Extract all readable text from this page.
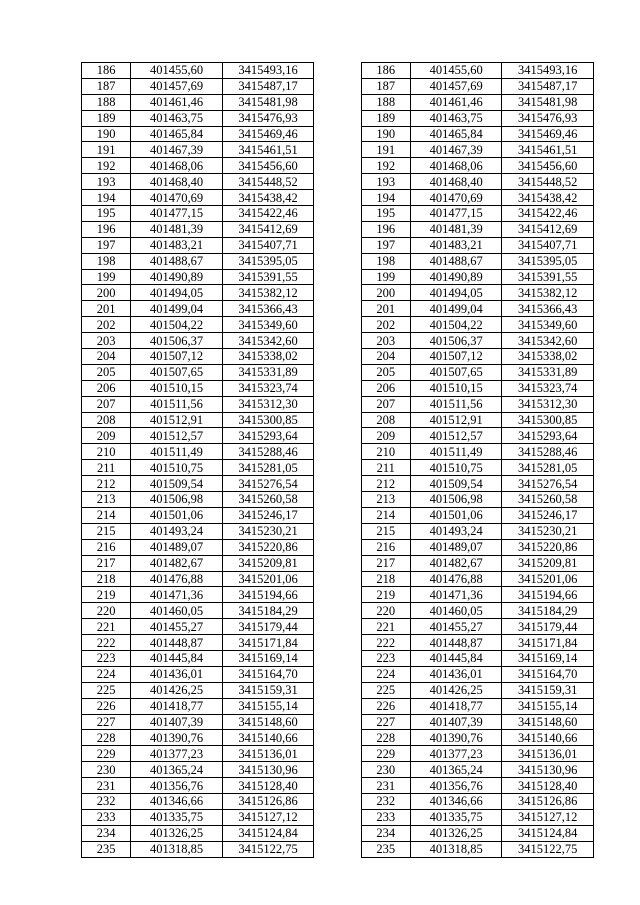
186	401455,60	3415493,16		186	401455,60	3415493,16
187	401457,69	3415487,17		187	401457,69	3415487,17
188	401461,46	3415481,98		188	401461,46	3415481,98
189	401463,75	3415476,93		189	401463,75	3415476,93
190	401465,84	3415469,46		190	401465,84	3415469,46
191	401467,39	3415461,51		191	401467,39	3415461,51
192	401468,06	3415456,60		192	401468,06	3415456,60
193	401468,40	3415448,52		193	401468,40	3415448,52
194	401470,69	3415438,42		194	401470,69	3415438,42
195	401477,15	3415422,46		195	401477,15	3415422,46
196	401481,39	3415412,69		196	401481,39	3415412,69
197	401483,21	3415407,71		197	401483,21	3415407,71
198	401488,67	3415395,05		198	401488,67	3415395,05
199	401490,89	3415391,55		199	401490,89	3415391,55
200	401494,05	3415382,12		200	401494,05	3415382,12
201	401499,04	3415366,43		201	401499,04	3415366,43
202	401504,22	3415349,60		202	401504,22	3415349,60
203	401506,37	3415342,60		203	401506,37	3415342,60
204	401507,12	3415338,02		204	401507,12	3415338,02
205	401507,65	3415331,89		205	401507,65	3415331,89
206	401510,15	3415323,74		206	401510,15	3415323,74
207	401511,56	3415312,30		207	401511,56	3415312,30
208	401512,91	3415300,85		208	401512,91	3415300,85
209	401512,57	3415293,64		209	401512,57	3415293,64
210	401511,49	3415288,46		210	401511,49	3415288,46
211	401510,75	3415281,05		211	401510,75	3415281,05
212	401509,54	3415276,54		212	401509,54	3415276,54
213	401506,98	3415260,58		213	401506,98	3415260,58
214	401501,06	3415246,17		214	401501,06	3415246,17
215	401493,24	3415230,21		215	401493,24	3415230,21
216	401489,07	3415220,86		216	401489,07	3415220,86
217	401482,67	3415209,81		217	401482,67	3415209,81
218	401476,88	3415201,06		218	401476,88	3415201,06
219	401471,36	3415194,66		219	401471,36	3415194,66
220	401460,05	3415184,29		220	401460,05	3415184,29
221	401455,27	3415179,44		221	401455,27	3415179,44
222	401448,87	3415171,84		222	401448,87	3415171,84
223	401445,84	3415169,14		223	401445,84	3415169,14
224	401436,01	3415164,70		224	401436,01	3415164,70
225	401426,25	3415159,31		225	401426,25	3415159,31
226	401418,77	3415155,14		226	401418,77	3415155,14
227	401407,39	3415148,60		227	401407,39	3415148,60
228	401390,76	3415140,66		228	401390,76	3415140,66
229	401377,23	3415136,01		229	401377,23	3415136,01
230	401365,24	3415130,96		230	401365,24	3415130,96
231	401356,76	3415128,40		231	401356,76	3415128,40
232	401346,66	3415126,86		232	401346,66	3415126,86
233	401335,75	3415127,12		233	401335,75	3415127,12
234	401326,25	3415124,84		234	401326,25	3415124,84
235	401318,85	3415122,75		235	401318,85	3415122,75
